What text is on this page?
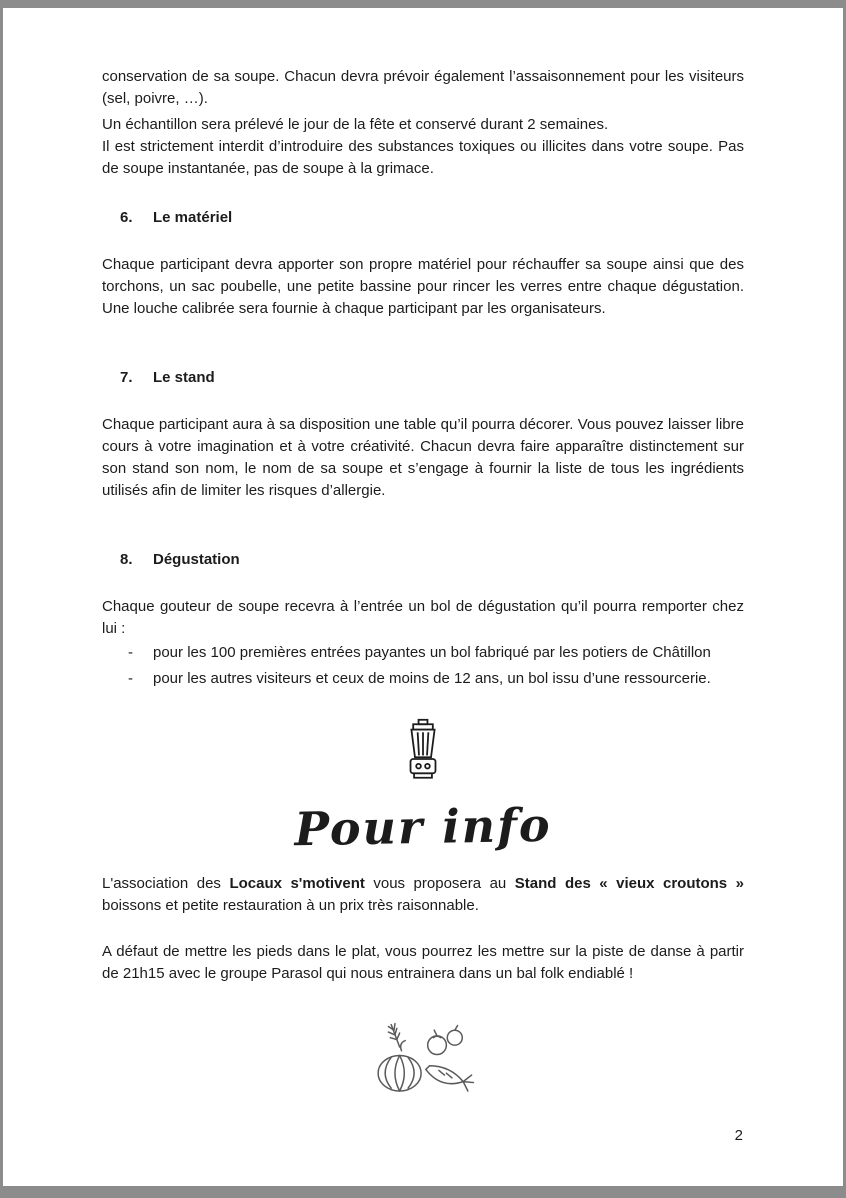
conservation de sa soupe. Chacun devra prévoir également l’assaisonnement pour les visiteurs (sel, poivre, …).

Un échantillon sera prélevé le jour de la fête et conservé durant 2 semaines.

Il est strictement interdit d’introduire des substances toxiques ou illicites dans votre soupe. Pas de soupe instantanée, pas de soupe à la grimace.

6. Le matériel

Chaque participant devra apporter son propre matériel pour réchauffer sa soupe ainsi que des torchons, un sac poubelle, une petite bassine pour rincer les verres entre chaque dégustation. Une louche calibrée sera fournie à chaque participant par les organisateurs.

7. Le stand

Chaque participant aura à sa disposition une table qu’il pourra décorer. Vous pouvez laisser libre cours à votre imagination et à votre créativité. Chacun devra faire apparaître distinctement sur son stand son nom, le nom de sa soupe et s’engage à fournir la liste de tous les ingrédients utilisés afin de limiter les risques d’allergie.

8. Dégustation

Chaque gouteur de soupe recevra à l’entrée un bol de dégustation qu’il pourra remporter chez lui :

-	pour les 100 premières entrées payantes un bol fabriqué par les potiers de Châtillon
-	pour les autres visiteurs et ceux de moins de 12 ans, un bol issu d’une ressourcerie.
Pour info

L'association des Locaux s'motivent vous proposera au Stand des « vieux croutons » boissons et petite restauration à un prix très raisonnable.

A défaut de mettre les pieds dans le plat, vous pourrez les mettre sur la piste de danse à partir de 21h15 avec le groupe Parasol qui nous entrainera dans un bal folk endiablé !

2
